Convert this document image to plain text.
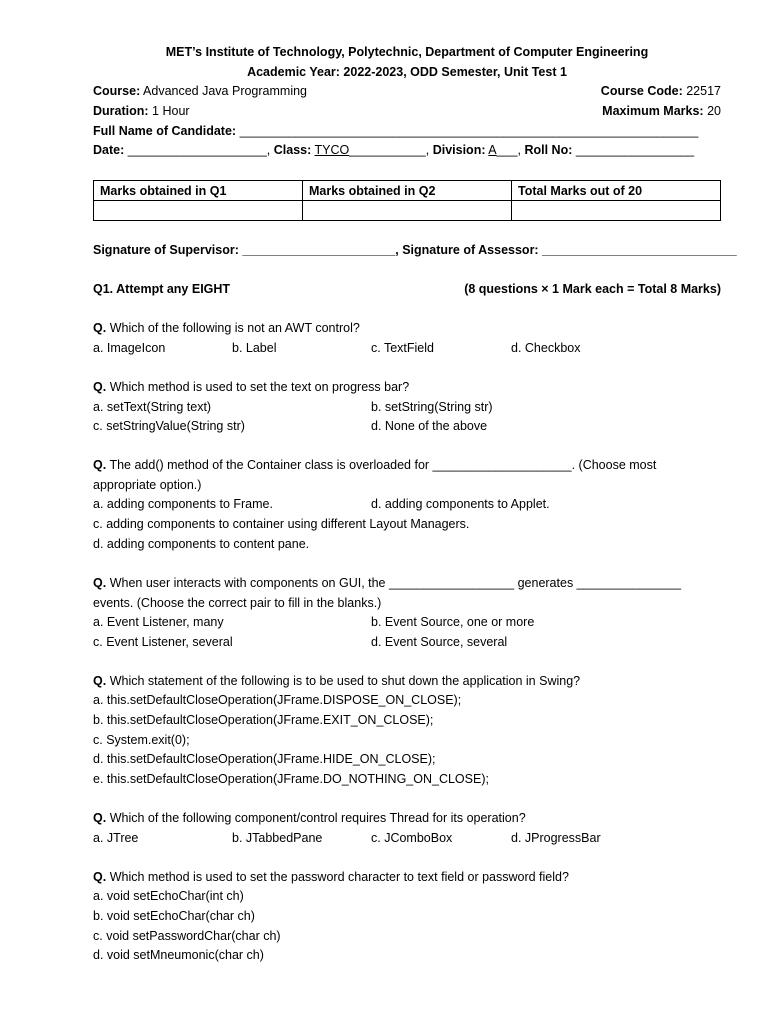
MET’s Institute of Technology, Polytechnic, Department of Computer Engineering
Academic Year: 2022-2023, ODD Semester, Unit Test 1
Course: Advanced Java Programming	Course Code: 22517
Duration: 1 Hour	Maximum Marks: 20
Full Name of Candidate: __________________________________________________________________
Date: ____________________, Class: TYCO___________, Division: A___, Roll No: _________________
Marks obtained in Q1	Marks obtained in Q2	Total Marks out of 20

Signature of Supervisor: ______________________, Signature of Assessor: ____________________________
Q1. Attempt any EIGHT	(8 questions × 1 Mark each = Total 8 Marks)
Q. Which of the following is not an AWT control?
a. ImageIcon	b. Label	c. TextField	d. Checkbox
Q. Which method is used to set the text on progress bar?
a. setText(String text)	b. setString(String str)
c. setStringValue(String str)	d. None of the above
Q. The add() method of the Container class is overloaded for ____________________. (Choose most
appropriate option.)
a. adding components to Frame.	d. adding components to Applet.
c. adding components to container using different Layout Managers.
d. adding components to content pane.
Q. When user interacts with components on GUI, the __________________ generates _______________
events. (Choose the correct pair to fill in the blanks.)
a. Event Listener, many	b. Event Source, one or more
c. Event Listener, several	d. Event Source, several
Q. Which statement of the following is to be used to shut down the application in Swing?
a. this.setDefaultCloseOperation(JFrame.DISPOSE_ON_CLOSE);
b. this.setDefaultCloseOperation(JFrame.EXIT_ON_CLOSE);
c. System.exit(0);
d. this.setDefaultCloseOperation(JFrame.HIDE_ON_CLOSE);
e. this.setDefaultCloseOperation(JFrame.DO_NOTHING_ON_CLOSE);
Q. Which of the following component/control requires Thread for its operation?
a. JTree	b. JTabbedPane	c. JComboBox	d. JProgressBar
Q. Which method is used to set the password character to text field or password field?
a. void setEchoChar(int ch)
b. void setEchoChar(char ch)
c. void setPasswordChar(char ch)
d. void setMneumonic(char ch)
